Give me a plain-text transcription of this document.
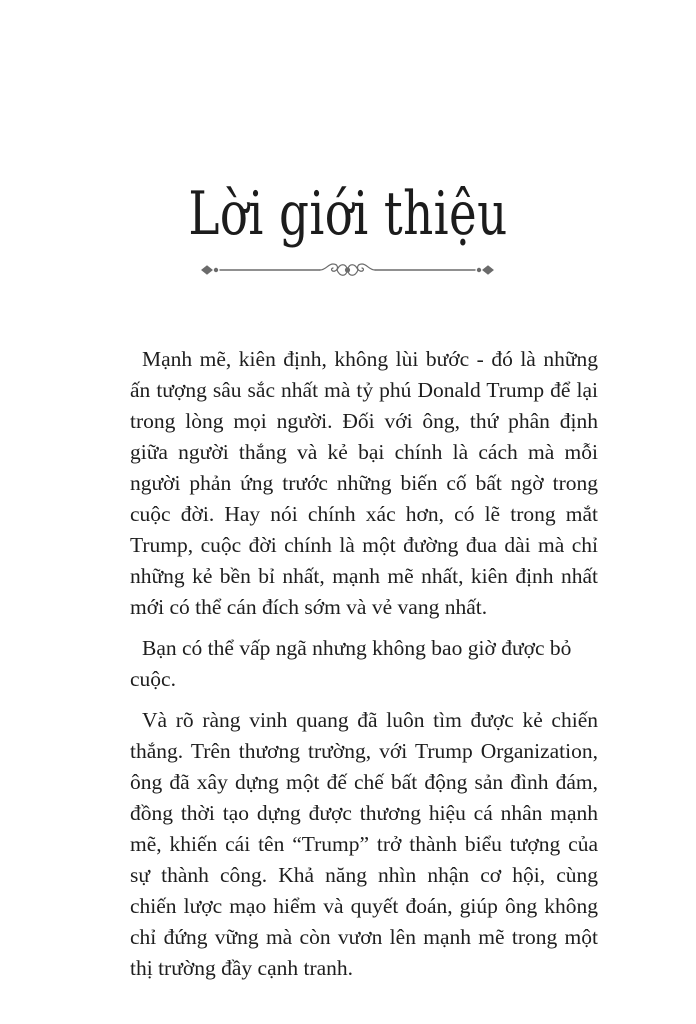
Lời giới thiệu

Mạnh mẽ, kiên định, không lùi bước - đó là những ấn tượng sâu sắc nhất mà tỷ phú Donald Trump để lại trong lòng mọi người. Đối với ông, thứ phân định giữa người thắng và kẻ bại chính là cách mà mỗi người phản ứng trước những biến cố bất ngờ trong cuộc đời. Hay nói chính xác hơn, có lẽ trong mắt Trump, cuộc đời chính là một đường đua dài mà chỉ những kẻ bền bỉ nhất, mạnh mẽ nhất, kiên định nhất mới có thể cán đích sớm và vẻ vang nhất.

Bạn có thể vấp ngã nhưng không bao giờ được bỏ cuộc.

Và rõ ràng vinh quang đã luôn tìm được kẻ chiến thắng. Trên thương trường, với Trump Organization, ông đã xây dựng một đế chế bất động sản đình đám, đồng thời tạo dựng được thương hiệu cá nhân mạnh mẽ, khiến cái tên “Trump” trở thành biểu tượng của sự thành công. Khả năng nhìn nhận cơ hội, cùng chiến lược mạo hiểm và quyết đoán, giúp ông không chỉ đứng vững mà còn vươn lên mạnh mẽ trong một thị trường đầy cạnh tranh.
